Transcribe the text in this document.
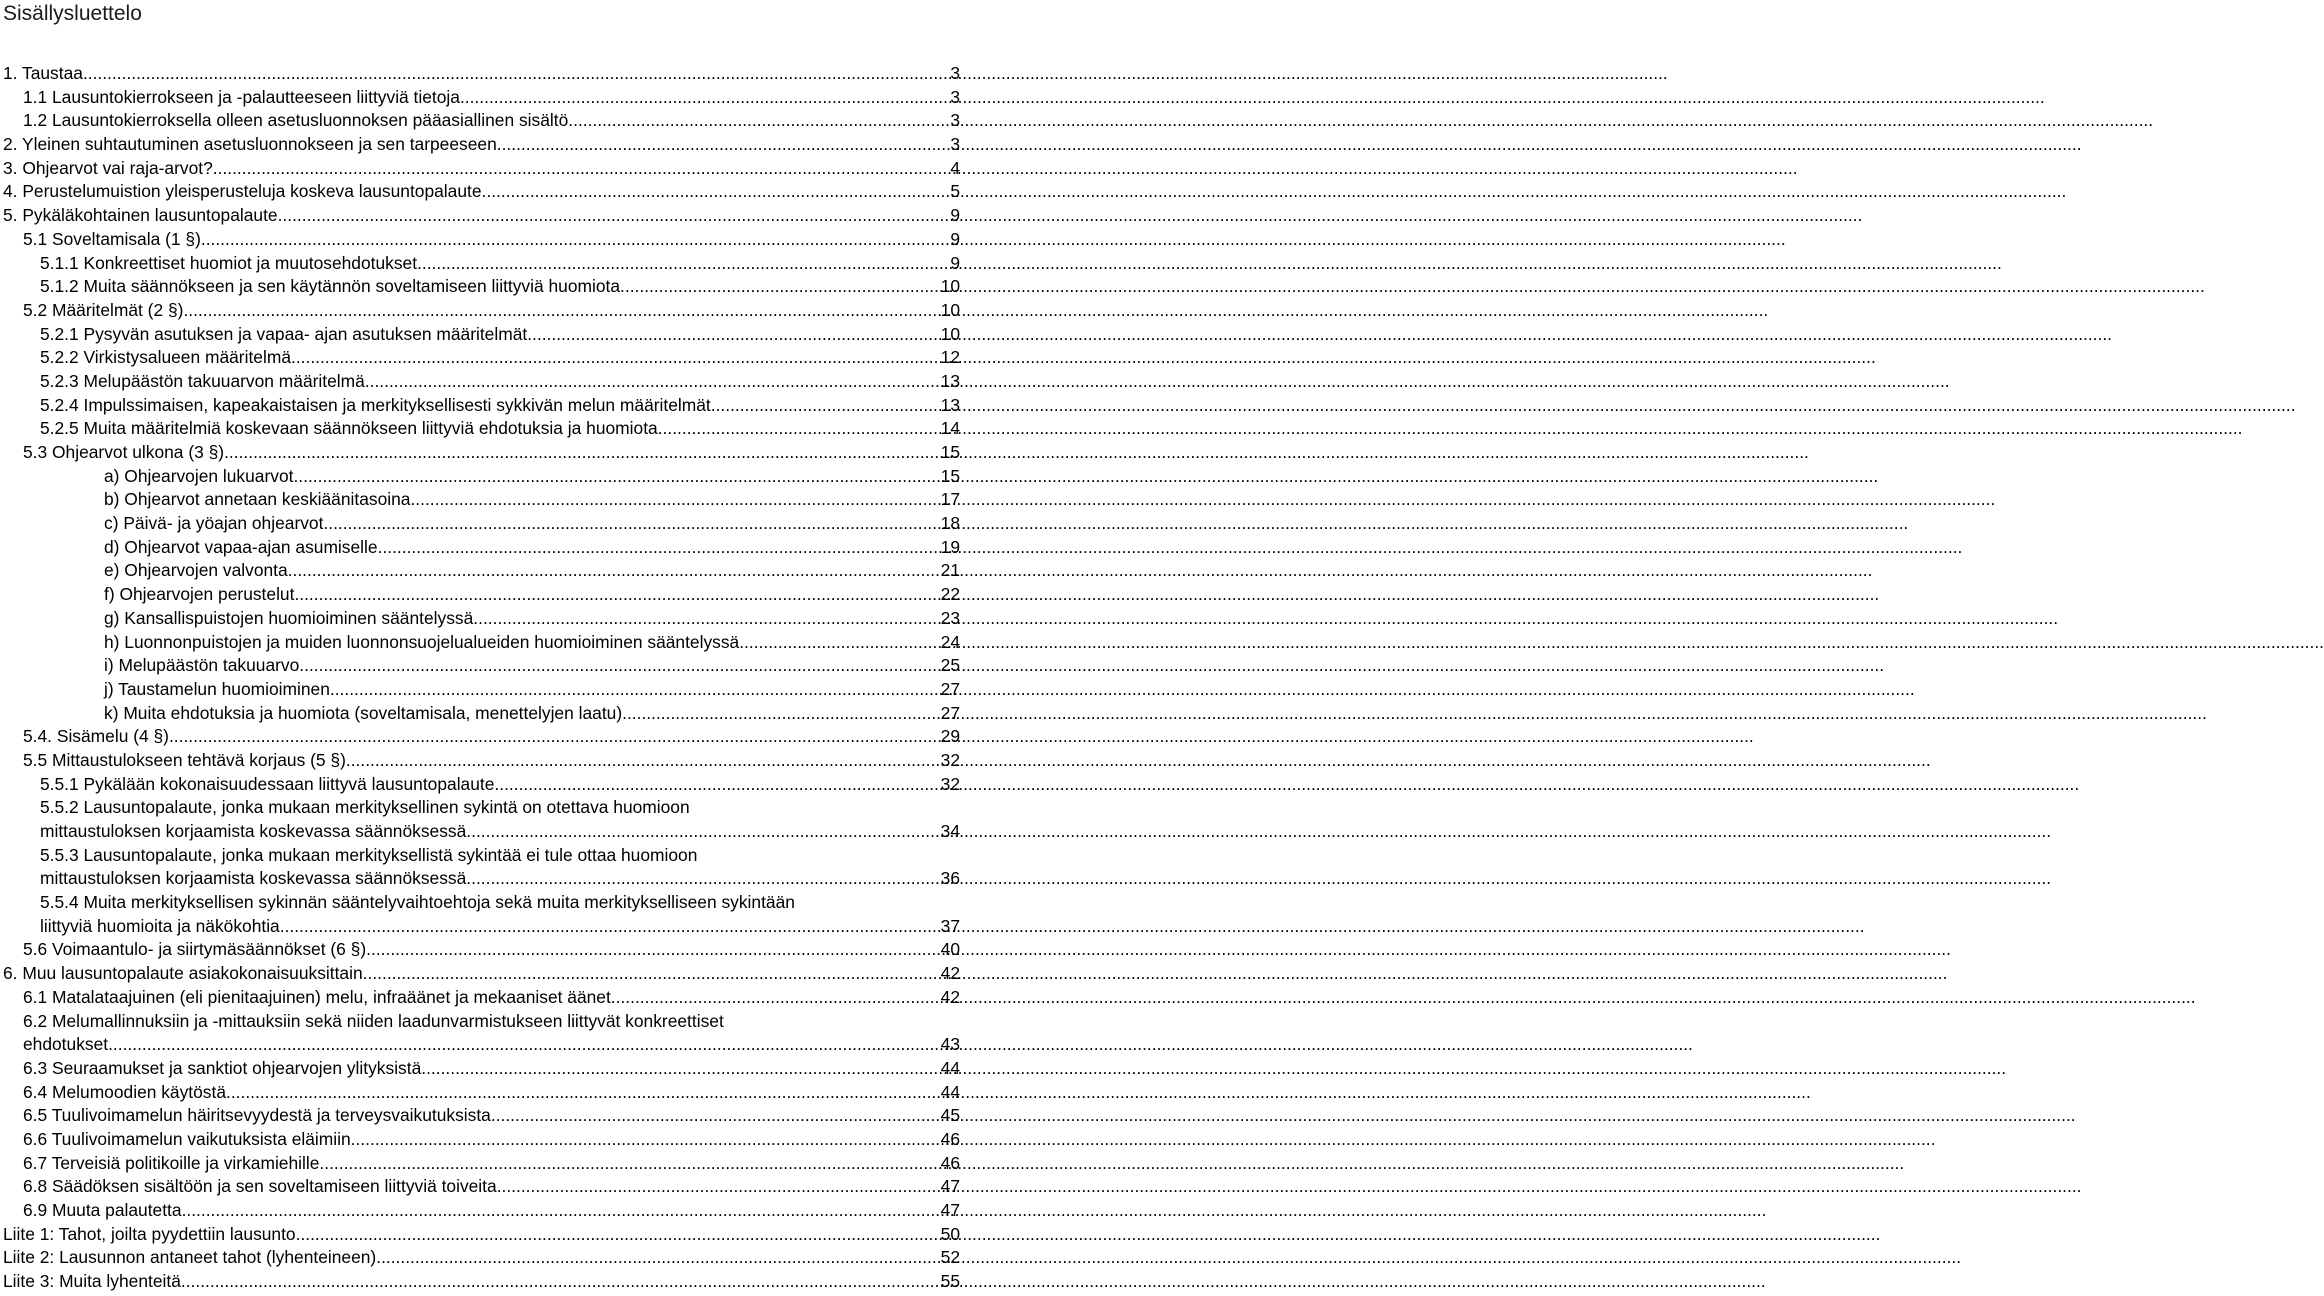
Sisällysluettelo
1. Taustaa .....	3
1.1 Lausuntokierrokseen ja -palautteeseen liittyviä tietoja .....	3
1.2 Lausuntokierroksella olleen asetusluonnoksen pääasiallinen sisältö .....	3
2. Yleinen suhtautuminen asetusluonnokseen ja sen tarpeeseen .....	3
3. Ohjearvot vai raja-arvot? .....	4
4. Perustelumuistion yleisperusteluja koskeva lausuntopalaute .....	5
5. Pykäläkohtainen lausuntopalaute .....	9
5.1 Soveltamisala (1 §) .....	9
5.1.1 Konkreettiset huomiot ja muutosehdotukset .....	9
5.1.2 Muita säännökseen ja sen käytännön soveltamiseen liittyviä huomiota .....	10
5.2 Määritelmät (2 §) .....	10
5.2.1 Pysyvän asutuksen ja vapaa- ajan asutuksen määritelmät .....	10
5.2.2 Virkistysalueen määritelmä .....	12
5.2.3 Melupäästön takuuarvon määritelmä .....	13
5.2.4 Impulssimaisen, kapeakaistaisen ja merkityksellisesti sykkivän melun määritelmät .....	13
5.2.5 Muita määritelmiä koskevaan säännökseen liittyviä ehdotuksia ja huomiota .....	14
5.3 Ohjearvot ulkona (3 §) .....	15
a) Ohjearvojen lukuarvot .....	15
b) Ohjearvot annetaan keskiäänitasoina .....	17
c) Päivä- ja yöajan ohjearvot .....	18
d) Ohjearvot vapaa-ajan asumiselle .....	19
e) Ohjearvojen valvonta .....	21
f) Ohjearvojen perustelut .....	22
g) Kansallispuistojen huomioiminen sääntelyssä .....	23
h) Luonnonpuistojen ja muiden luonnonsuojelualueiden huomioiminen sääntelyssä .....	24
i) Melupäästön takuuarvo .....	25
j) Taustamelun huomioiminen .....	27
k) Muita ehdotuksia ja huomiota (soveltamisala, menettelyjen laatu) .....	27
5.4. Sisämelu (4 §) .....	29
5.5 Mittaustulokseen tehtävä korjaus (5 §) .....	32
5.5.1 Pykälään kokonaisuudessaan liittyvä lausuntopalaute .....	32
5.5.2 Lausuntopalaute, jonka mukaan merkityksellinen sykintä on otettava huomioon
mittaustuloksen korjaamista koskevassa säännöksessä .....	34
5.5.3 Lausuntopalaute, jonka mukaan merkityksellistä sykintää ei tule ottaa huomioon
mittaustuloksen korjaamista koskevassa säännöksessä .....	36
5.5.4 Muita merkityksellisen sykinnän sääntelyvaihtoehtoja sekä muita merkitykselliseen sykintään
liittyviä huomioita ja näkökohtia .....	37
5.6 Voimaantulo- ja siirtymäsäännökset (6 §) .....	40
6. Muu lausuntopalaute asiakokonaisuuksittain .....	42
6.1 Matalataajuinen (eli pienitaajuinen) melu, infraäänet ja mekaaniset äänet .....	42
6.2 Melumallinnuksiin ja -mittauksiin sekä niiden laadunvarmistukseen liittyvät konkreettiset
ehdotukset .....	43
6.3 Seuraamukset ja sanktiot ohjearvojen ylityksistä .....	44
6.4 Melumoodien käytöstä .....	44
6.5 Tuulivoimamelun häiritsevyydestä ja terveysvaikutuksista .....	45
6.6 Tuulivoimamelun vaikutuksista eläimiin .....	46
6.7 Terveisiä politikoille ja virkamiehille .....	46
6.8 Säädöksen sisältöön ja sen soveltamiseen liittyviä toiveita .....	47
6.9 Muuta palautetta .....	47
Liite 1: Tahot, joilta pyydettiin lausunto .....	50
Liite 2: Lausunnon antaneet tahot (lyhenteineen) .....	52
Liite 3: Muita lyhenteitä .....	55
